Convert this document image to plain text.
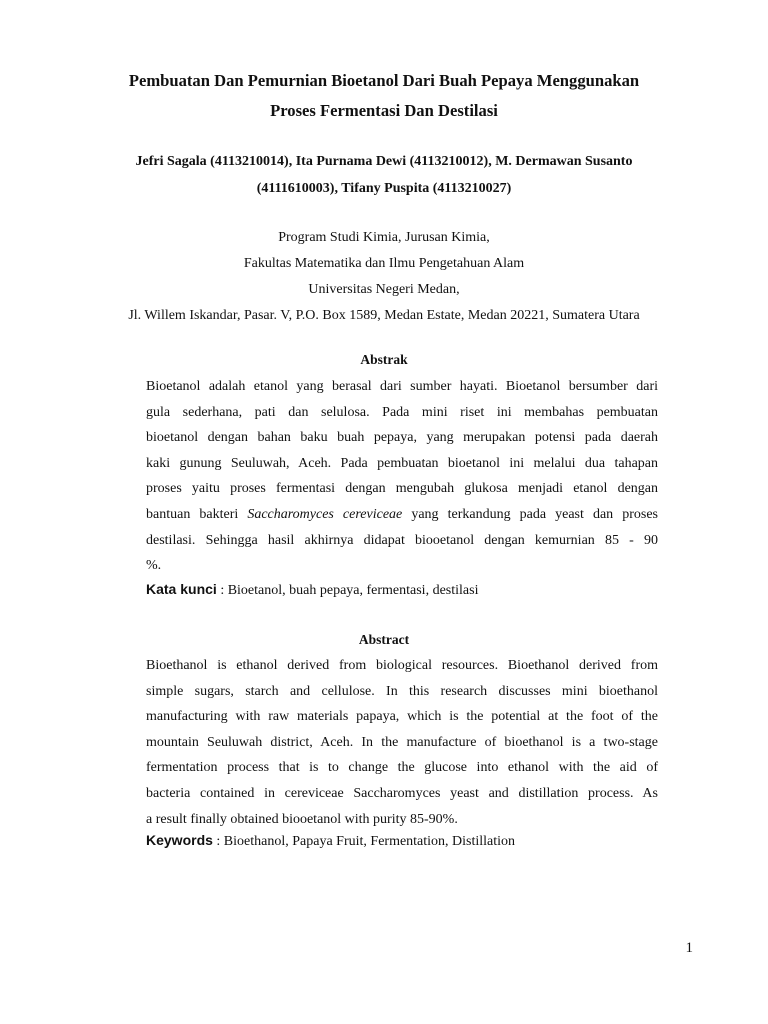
Pembuatan Dan Pemurnian Bioetanol Dari Buah Pepaya Menggunakan
Proses Fermentasi Dan Destilasi
Jefri Sagala (4113210014), Ita Purnama Dewi (4113210012), M. Dermawan Susanto
(4111610003), Tifany Puspita (4113210027)
Program Studi Kimia, Jurusan Kimia,
Fakultas Matematika dan Ilmu Pengetahuan Alam
Universitas Negeri Medan,
Jl. Willem Iskandar, Pasar. V, P.O. Box 1589, Medan Estate, Medan 20221, Sumatera Utara
Abstrak
Bioetanol adalah etanol yang berasal dari sumber hayati. Bioetanol bersumber dari
gula sederhana, pati dan selulosa. Pada mini riset ini membahas pembuatan
bioetanol dengan bahan baku buah pepaya, yang merupakan potensi pada daerah
kaki gunung Seuluwah, Aceh. Pada pembuatan bioetanol ini melalui dua tahapan
proses yaitu proses fermentasi dengan mengubah glukosa menjadi etanol dengan
bantuan bakteri Saccharomyces cereviceae yang terkandung pada yeast dan proses
destilasi. Sehingga hasil akhirnya didapat biooetanol dengan kemurnian 85 - 90
%.
Kata kunci : Bioetanol, buah pepaya, fermentasi, destilasi
Abstract
Bioethanol is ethanol derived from biological resources. Bioethanol derived from
simple sugars, starch and cellulose. In this research discusses mini bioethanol
manufacturing with raw materials papaya, which is the potential at the foot of the
mountain Seuluwah district, Aceh. In the manufacture of bioethanol is a two-stage
fermentation process that is to change the glucose into ethanol with the aid of
bacteria contained in cereviceae Saccharomyces yeast and distillation process. As
a result finally obtained biooetanol with purity 85-90%.
Keywords : Bioethanol, Papaya Fruit, Fermentation, Distillation
1
